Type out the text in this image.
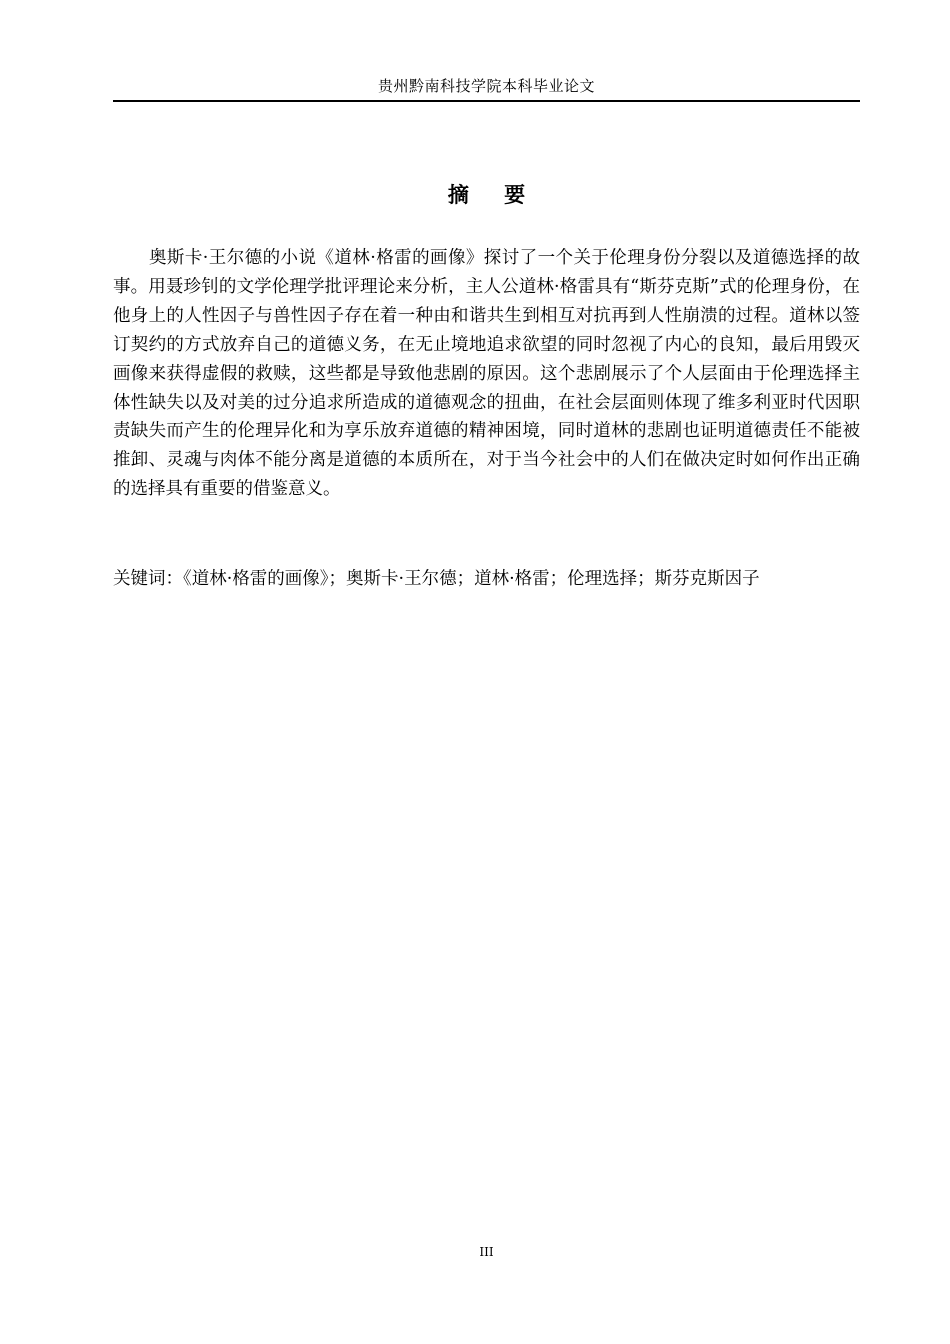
贵州黔南科技学院本科毕业论文
摘 要

奥斯卡·王尔德的小说《道林·格雷的画像》探讨了一个关于伦理身份分裂以及道德选择的故事。用聂珍钊的文学伦理学批评理论来分析，主人公道林·格雷具有“斯芬克斯”式的伦理身份，在他身上的人性因子与兽性因子存在着一种由和谐共生到相互对抗再到人性崩溃的过程。道林以签订契约的方式放弃自己的道德义务，在无止境地追求欲望的同时忽视了内心的良知，最后用毁灭画像来获得虚假的救赎，这些都是导致他悲剧的原因。这个悲剧展示了个人层面由于伦理选择主体性缺失以及对美的过分追求所造成的道德观念的扭曲，在社会层面则体现了维多利亚时代因职责缺失而产生的伦理异化和为享乐放弃道德的精神困境，同时道林的悲剧也证明道德责任不能被推卸、灵魂与肉体不能分离是道德的本质所在，对于当今社会中的人们在做决定时如何作出正确的选择具有重要的借鉴意义。

关键词：《道林·格雷的画像》；奥斯卡·王尔德；道林·格雷；伦理选择；斯芬克斯因子

III
